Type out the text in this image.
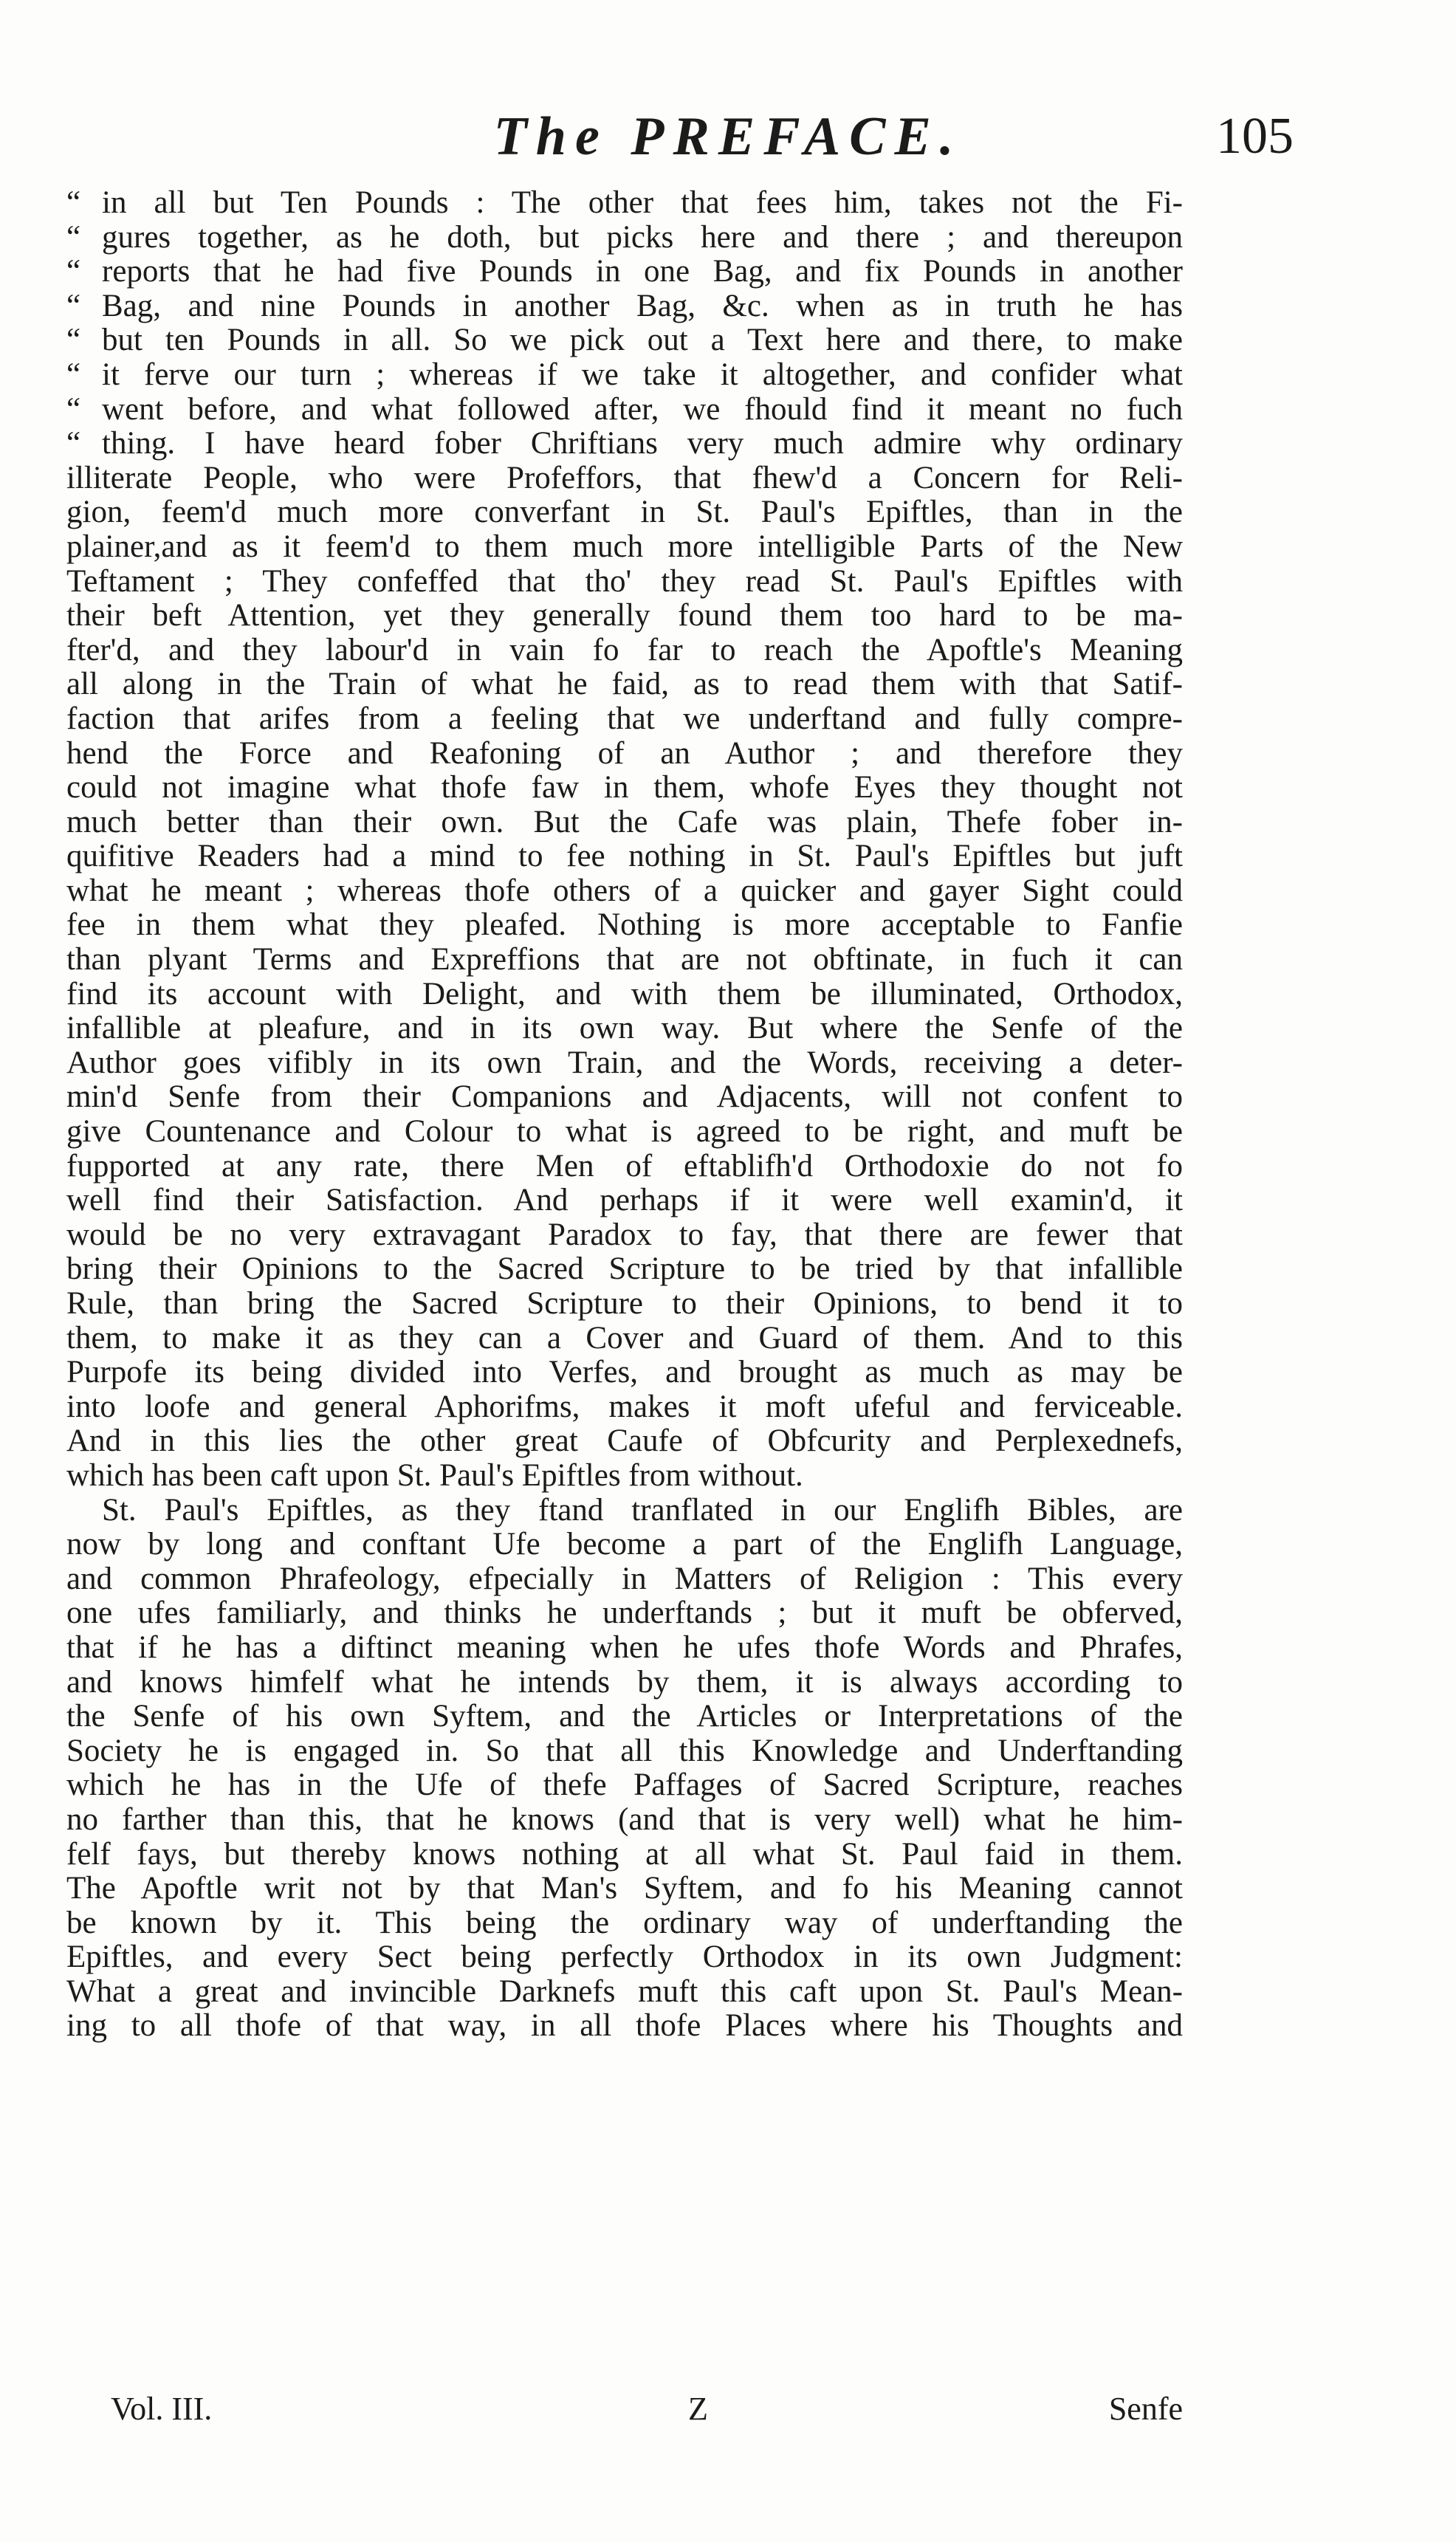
The PREFACE.	105
“ in all but Ten Pounds : The other that fees him, takes not the Fi-
“ gures together, as he doth, but picks here and there ; and thereupon
“ reports that he had five Pounds in one Bag, and fix Pounds in another
“ Bag, and nine Pounds in another Bag, &c. when as in truth he has
“ but ten Pounds in all. So we pick out a Text here and there, to make
“ it ferve our turn ; whereas if we take it altogether, and confider what
“ went before, and what followed after, we fhould find it meant no fuch
“ thing. I have heard fober Chriftians very much admire why ordinary
illiterate People, who were Profeffors, that fhew'd a Concern for Reli-
gion, feem'd much more converfant in St. Paul's Epiftles, than in the
plainer,and as it feem'd to them much more intelligible Parts of the New
Teftament ; They confeffed that tho' they read St. Paul's Epiftles with
their beft Attention, yet they generally found them too hard to be ma-
fter'd, and they labour'd in vain fo far to reach the Apoftle's Meaning
all along in the Train of what he faid, as to read them with that Satif-
faction that arifes from a feeling that we underftand and fully compre-
hend the Force and Reafoning of an Author ; and therefore they
could not imagine what thofe faw in them, whofe Eyes they thought not
much better than their own. But the Cafe was plain, Thefe fober in-
quifitive Readers had a mind to fee nothing in St. Paul's Epiftles but juft
what he meant ; whereas thofe others of a quicker and gayer Sight could
fee in them what they pleafed. Nothing is more acceptable to Fanfie
than plyant Terms and Expreffions that are not obftinate, in fuch it can
find its account with Delight, and with them be illuminated, Orthodox,
infallible at pleafure, and in its own way. But where the Senfe of the
Author goes vifibly in its own Train, and the Words, receiving a deter-
min'd Senfe from their Companions and Adjacents, will not confent to
give Countenance and Colour to what is agreed to be right, and muft be
fupported at any rate, there Men of eftablifh'd Orthodoxie do not fo
well find their Satisfaction. And perhaps if it were well examin'd, it
would be no very extravagant Paradox to fay, that there are fewer that
bring their Opinions to the Sacred Scripture to be tried by that infallible
Rule, than bring the Sacred Scripture to their Opinions, to bend it to
them, to make it as they can a Cover and Guard of them. And to this
Purpofe its being divided into Verfes, and brought as much as may be
into loofe and general Aphorifms, makes it moft ufeful and ferviceable.
And in this lies the other great Caufe of Obfcurity and Perplexednefs,
which has been caft upon St. Paul's Epiftles from without.
St. Paul's Epiftles, as they ftand tranflated in our Englifh Bibles, are
now by long and conftant Ufe become a part of the Englifh Language,
and common Phrafeology, efpecially in Matters of Religion : This every
one ufes familiarly, and thinks he underftands ; but it muft be obferved,
that if he has a diftinct meaning when he ufes thofe Words and Phrafes,
and knows himfelf what he intends by them, it is always according to
the Senfe of his own Syftem, and the Articles or Interpretations of the
Society he is engaged in. So that all this Knowledge and Underftanding
which he has in the Ufe of thefe Paffages of Sacred Scripture, reaches
no farther than this, that he knows (and that is very well) what he him-
felf fays, but thereby knows nothing at all what St. Paul faid in them.
The Apoftle writ not by that Man's Syftem, and fo his Meaning cannot
be known by it. This being the ordinary way of underftanding the
Epiftles, and every Sect being perfectly Orthodox in its own Judgment:
What a great and invincible Darknefs muft this caft upon St. Paul's Mean-
ing to all thofe of that way, in all thofe Places where his Thoughts and
Vol. III.	Z	Senfe
